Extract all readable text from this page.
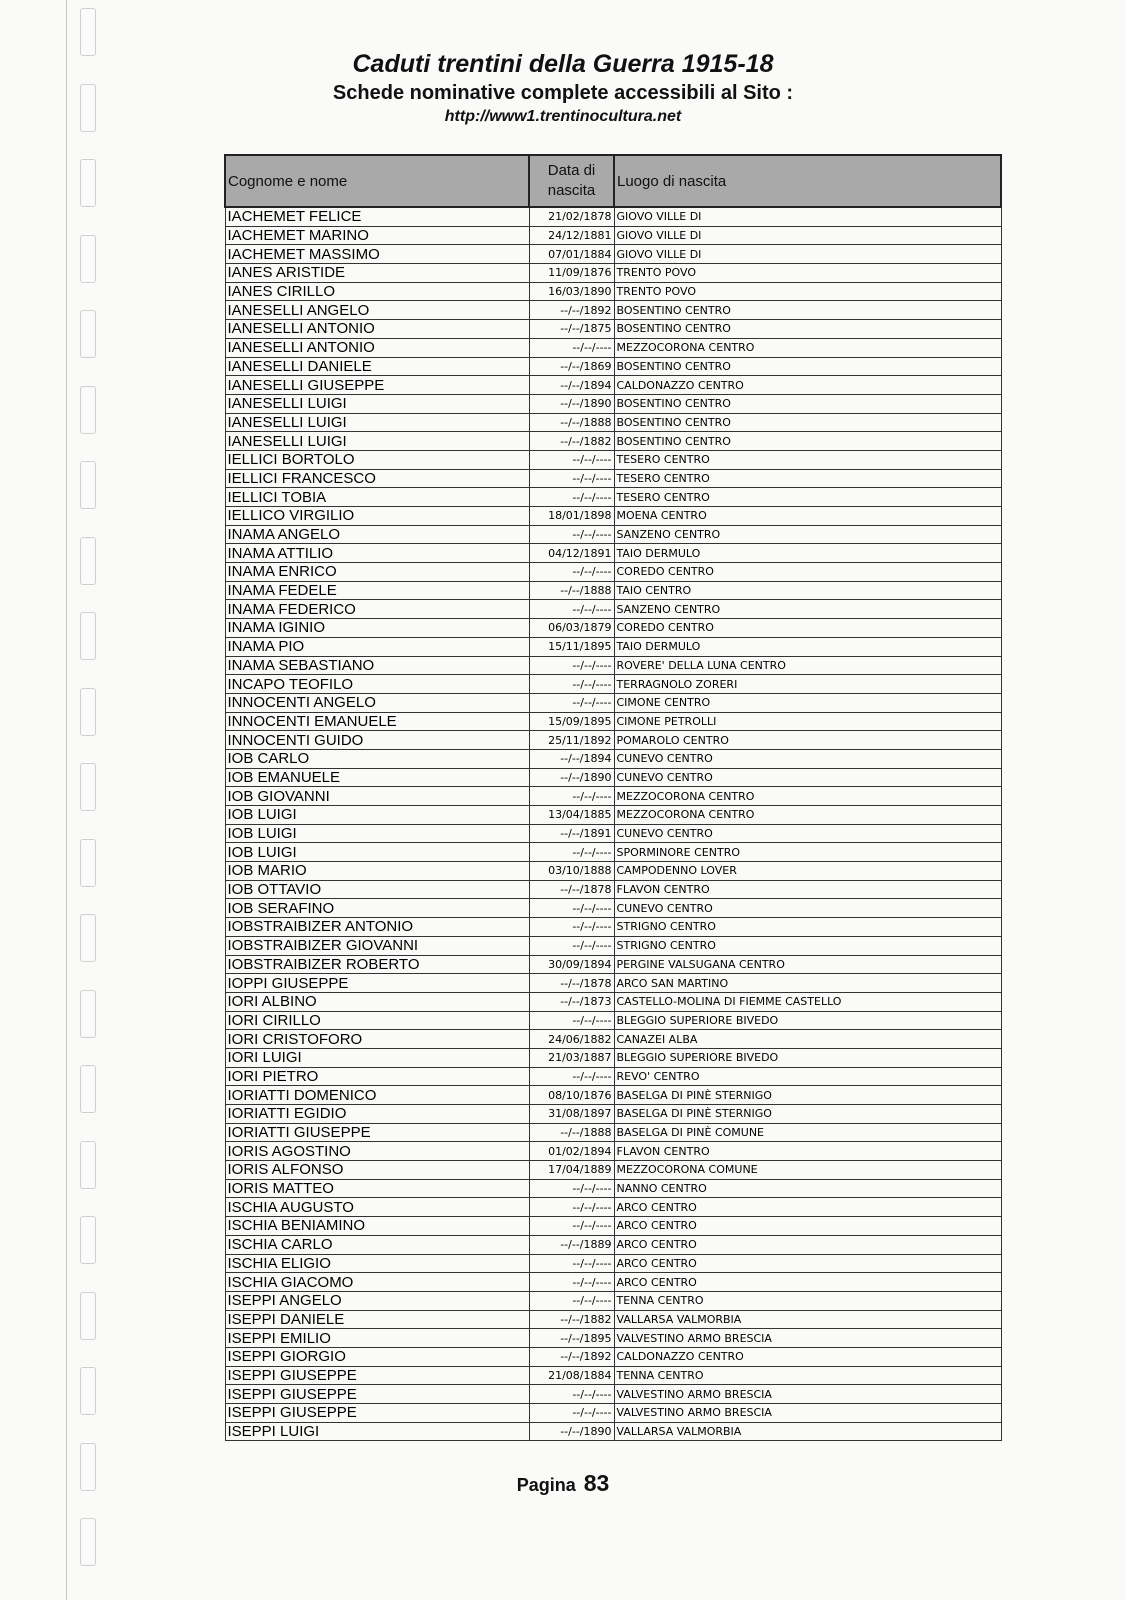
Caduti trentini della Guerra 1915-18
Schede nominative complete accessibili al Sito :
http://www1.trentinocultura.net
Cognome e nome	Data di nascita	Luogo di nascita
IACHEMET FELICE	21/02/1878	GIOVO VILLE DI
IACHEMET MARINO	24/12/1881	GIOVO VILLE DI
IACHEMET MASSIMO	07/01/1884	GIOVO VILLE DI
IANES ARISTIDE	11/09/1876	TRENTO POVO
IANES CIRILLO	16/03/1890	TRENTO POVO
IANESELLI ANGELO	--/--/1892	BOSENTINO CENTRO
IANESELLI ANTONIO	--/--/1875	BOSENTINO CENTRO
IANESELLI ANTONIO	--/--/----	MEZZOCORONA CENTRO
IANESELLI DANIELE	--/--/1869	BOSENTINO CENTRO
IANESELLI GIUSEPPE	--/--/1894	CALDONAZZO CENTRO
IANESELLI LUIGI	--/--/1890	BOSENTINO CENTRO
IANESELLI LUIGI	--/--/1888	BOSENTINO CENTRO
IANESELLI LUIGI	--/--/1882	BOSENTINO CENTRO
IELLICI BORTOLO	--/--/----	TESERO CENTRO
IELLICI FRANCESCO	--/--/----	TESERO CENTRO
IELLICI TOBIA	--/--/----	TESERO CENTRO
IELLICO VIRGILIO	18/01/1898	MOENA CENTRO
INAMA ANGELO	--/--/----	SANZENO CENTRO
INAMA ATTILIO	04/12/1891	TAIO DERMULO
INAMA ENRICO	--/--/----	COREDO CENTRO
INAMA FEDELE	--/--/1888	TAIO CENTRO
INAMA FEDERICO	--/--/----	SANZENO CENTRO
INAMA IGINIO	06/03/1879	COREDO CENTRO
INAMA PIO	15/11/1895	TAIO DERMULO
INAMA SEBASTIANO	--/--/----	ROVERE' DELLA LUNA CENTRO
INCAPO TEOFILO	--/--/----	TERRAGNOLO ZORERI
INNOCENTI ANGELO	--/--/----	CIMONE CENTRO
INNOCENTI EMANUELE	15/09/1895	CIMONE PETROLLI
INNOCENTI GUIDO	25/11/1892	POMAROLO CENTRO
IOB CARLO	--/--/1894	CUNEVO CENTRO
IOB EMANUELE	--/--/1890	CUNEVO CENTRO
IOB GIOVANNI	--/--/----	MEZZOCORONA CENTRO
IOB LUIGI	13/04/1885	MEZZOCORONA CENTRO
IOB LUIGI	--/--/1891	CUNEVO CENTRO
IOB LUIGI	--/--/----	SPORMINORE CENTRO
IOB MARIO	03/10/1888	CAMPODENNO LOVER
IOB OTTAVIO	--/--/1878	FLAVON CENTRO
IOB SERAFINO	--/--/----	CUNEVO CENTRO
IOBSTRAIBIZER ANTONIO	--/--/----	STRIGNO CENTRO
IOBSTRAIBIZER GIOVANNI	--/--/----	STRIGNO CENTRO
IOBSTRAIBIZER ROBERTO	30/09/1894	PERGINE VALSUGANA CENTRO
IOPPI GIUSEPPE	--/--/1878	ARCO SAN MARTINO
IORI ALBINO	--/--/1873	CASTELLO-MOLINA DI FIEMME CASTELLO
IORI CIRILLO	--/--/----	BLEGGIO SUPERIORE BIVEDO
IORI CRISTOFORO	24/06/1882	CANAZEI ALBA
IORI LUIGI	21/03/1887	BLEGGIO SUPERIORE BIVEDO
IORI PIETRO	--/--/----	REVO' CENTRO
IORIATTI DOMENICO	08/10/1876	BASELGA DI PINÈ STERNIGO
IORIATTI EGIDIO	31/08/1897	BASELGA DI PINÈ STERNIGO
IORIATTI GIUSEPPE	--/--/1888	BASELGA DI PINÈ COMUNE
IORIS AGOSTINO	01/02/1894	FLAVON CENTRO
IORIS ALFONSO	17/04/1889	MEZZOCORONA COMUNE
IORIS MATTEO	--/--/----	NANNO CENTRO
ISCHIA AUGUSTO	--/--/----	ARCO CENTRO
ISCHIA BENIAMINO	--/--/----	ARCO CENTRO
ISCHIA CARLO	--/--/1889	ARCO CENTRO
ISCHIA ELIGIO	--/--/----	ARCO CENTRO
ISCHIA GIACOMO	--/--/----	ARCO CENTRO
ISEPPI ANGELO	--/--/----	TENNA CENTRO
ISEPPI DANIELE	--/--/1882	VALLARSA VALMORBIA
ISEPPI EMILIO	--/--/1895	VALVESTINO ARMO BRESCIA
ISEPPI GIORGIO	--/--/1892	CALDONAZZO CENTRO
ISEPPI GIUSEPPE	21/08/1884	TENNA CENTRO
ISEPPI GIUSEPPE	--/--/----	VALVESTINO ARMO BRESCIA
ISEPPI GIUSEPPE	--/--/----	VALVESTINO ARMO BRESCIA
ISEPPI LUIGI	--/--/1890	VALLARSA VALMORBIA
Pagina 83
